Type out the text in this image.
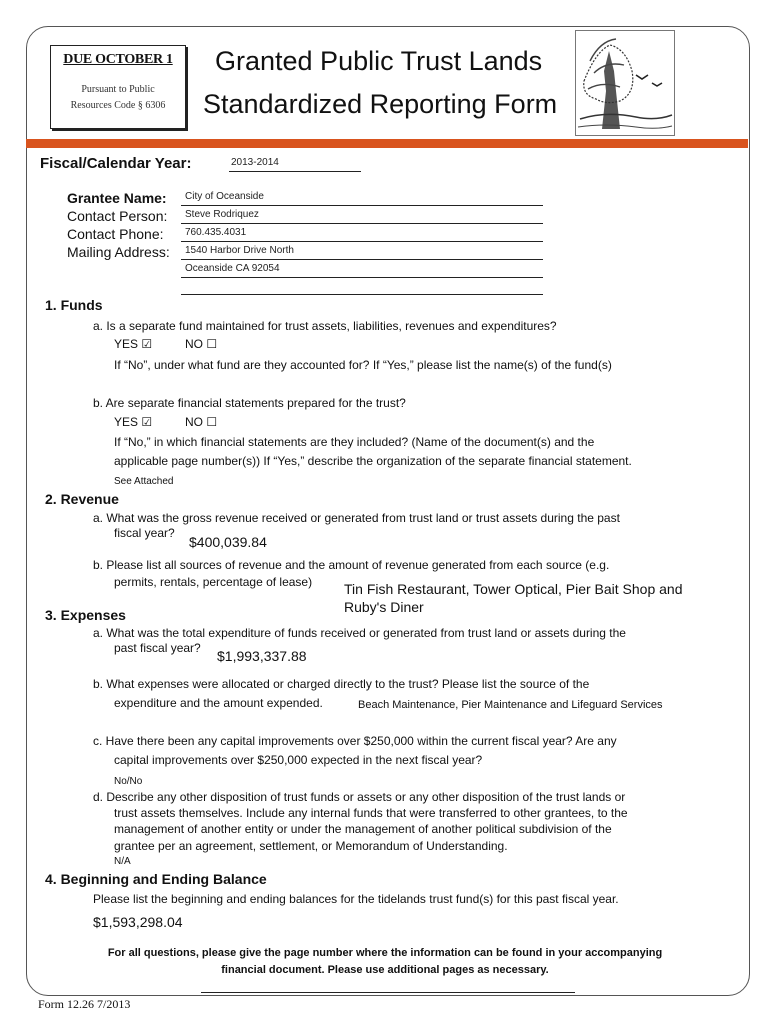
DUE OCTOBER 1
Pursuant to Public
Resources Code § 6306
Granted Public Trust Lands
Standardized Reporting Form
Fiscal/Calendar Year:	2013-2014
Grantee Name: City of Oceanside
Contact Person: Steve Rodriquez
Contact Phone: 760.435.4031
Mailing Address: 1540 Harbor Drive North
Oceanside CA 92054
1. Funds
a. Is a separate fund maintained for trust assets, liabilities, revenues and expenditures?
YES ☑	NO ☐
If “No”, under what fund are they accounted for? If “Yes,” please list the name(s) of the fund(s)
b. Are separate financial statements prepared for the trust?
YES ☑	NO ☐
If “No,” in which financial statements are they included? (Name of the document(s) and the
applicable page number(s)) If “Yes,” describe the organization of the separate financial statement.
See Attached
2. Revenue
a. What was the gross revenue received or generated from trust land or trust assets during the past
fiscal year?
$400,039.84
b. Please list all sources of revenue and the amount of revenue generated from each source (e.g.
permits, rentals, percentage of lease) Tin Fish Restaurant, Tower Optical, Pier Bait Shop and
Ruby's Diner
3. Expenses
a. What was the total expenditure of funds received or generated from trust land or assets during the
past fiscal year? $1,993,337.88
b. What expenses were allocated or charged directly to the trust? Please list the source of the
expenditure and the amount expended.	Beach Maintenance, Pier Maintenance and Lifeguard Services
c. Have there been any capital improvements over $250,000 within the current fiscal year? Are any
capital improvements over $250,000 expected in the next fiscal year?
No/No
d. Describe any other disposition of trust funds or assets or any other disposition of the trust lands or
trust assets themselves. Include any internal funds that were transferred to other grantees, to the
management of another entity or under the management of another political subdivision of the
grantee per an agreement, settlement, or Memorandum of Understanding.
N/A
4. Beginning and Ending Balance
Please list the beginning and ending balances for the tidelands trust fund(s) for this past fiscal year.
$1,593,298.04
For all questions, please give the page number where the information can be found in your accompanying
financial document. Please use additional pages as necessary.
Form 12.26 7/2013
